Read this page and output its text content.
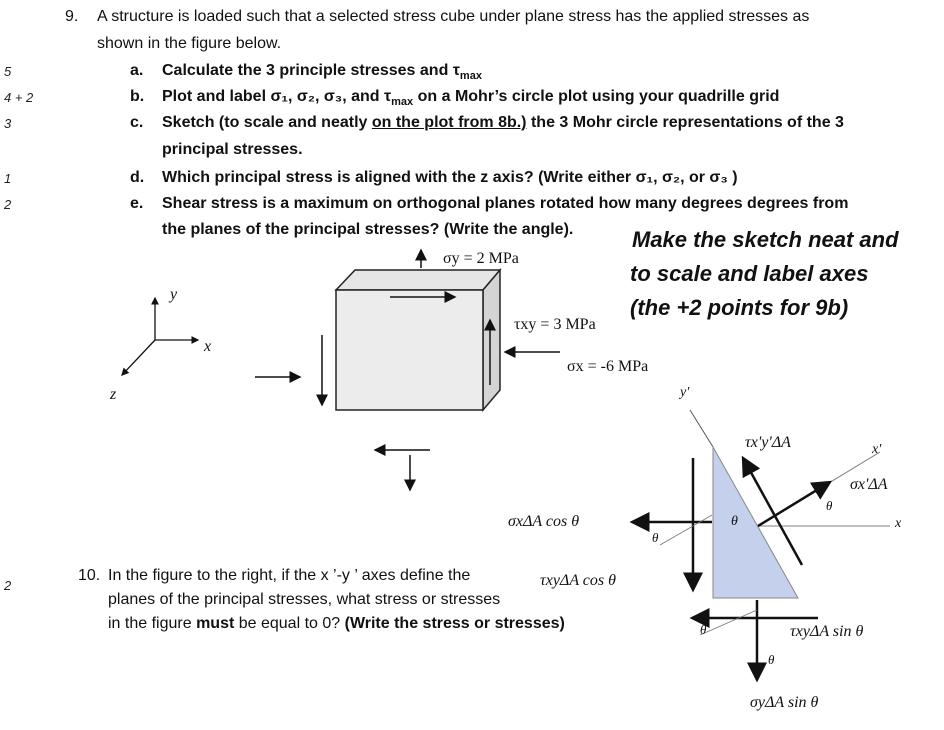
9. A structure is loaded such that a selected stress cube under plane stress has the applied stresses as
shown in the figure below.
5	a. Calculate the 3 principle stresses and $\tau_{max}$
4 + 2	b. Plot and label σ₁, σ₂, σ₃, and $\tau_{max}$ on a Mohr’s circle plot using your quadrille grid
3	c. Sketch (to scale and neatly on the plot from 8b.) the 3 Mohr circle representations of the 3
principal stresses.
1	d. Which principal stress is aligned with the z axis? (Write either σ₁, σ₂, or σ₃ )
2	e. Shear stress is a maximum on orthogonal planes rotated how many degrees degrees from
the planes of the principal stresses? (Write the angle).	Make the sketch neat and
to scale and label axes
(the +2 points for 9b)
y
x
z
σy = 2 MPa
τxy = 3 MPa
σx = -6 MPa
y'
τx'y'ΔA	x'
σx'ΔA
θ
θ	x
σxΔA cos θ
θ
τxyΔA cos θ
θ	τxyΔA sin θ
θ
σyΔA sin θ
2
10. In the figure to the right, if the x ’-y ’ axes define the
planes of the principal stresses, what stress or stresses
in the figure must be equal to 0? (Write the stress or stresses)
